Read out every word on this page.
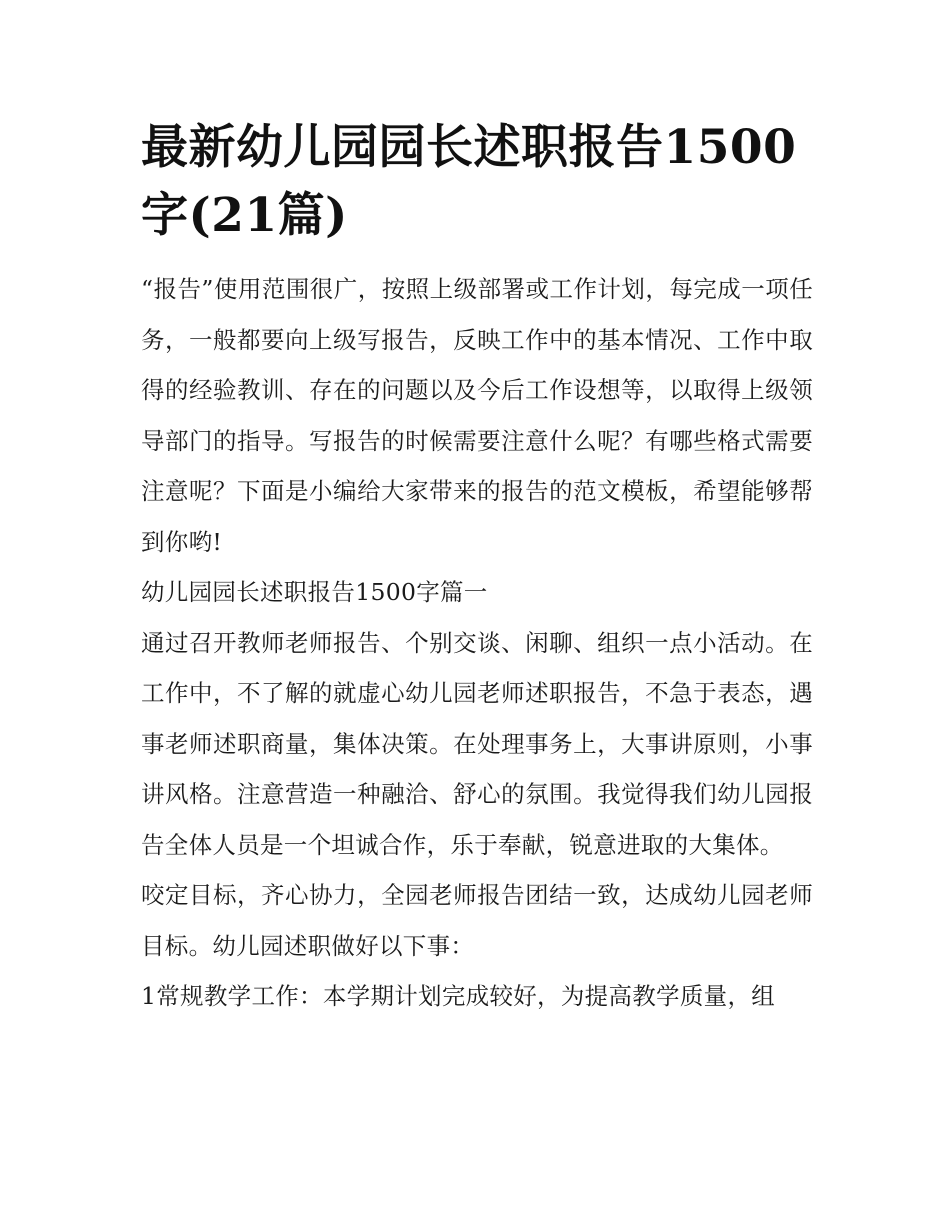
最新幼儿园园长述职报告1500字(21篇)

“报告”使用范围很广，按照上级部署或工作计划，每完成一项任务，一般都要向上级写报告，反映工作中的基本情况、工作中取得的经验教训、存在的问题以及今后工作设想等，以取得上级领导部门的指导。写报告的时候需要注意什么呢？有哪些格式需要注意呢？下面是小编给大家带来的报告的范文模板，希望能够帮到你哟!

幼儿园园长述职报告1500字篇一

通过召开教师老师报告、个别交谈、闲聊、组织一点小活动。在工作中，不了解的就虚心幼儿园老师述职报告，不急于表态，遇事老师述职商量，集体决策。在处理事务上，大事讲原则，小事讲风格。注意营造一种融洽、舒心的氛围。我觉得我们幼儿园报告全体人员是一个坦诚合作，乐于奉献，锐意进取的大集体。

咬定目标，齐心协力，全园老师报告团结一致，达成幼儿园老师目标。幼儿园述职做好以下事：

1常规教学工作：本学期计划完成较好，为提高教学质量，组
